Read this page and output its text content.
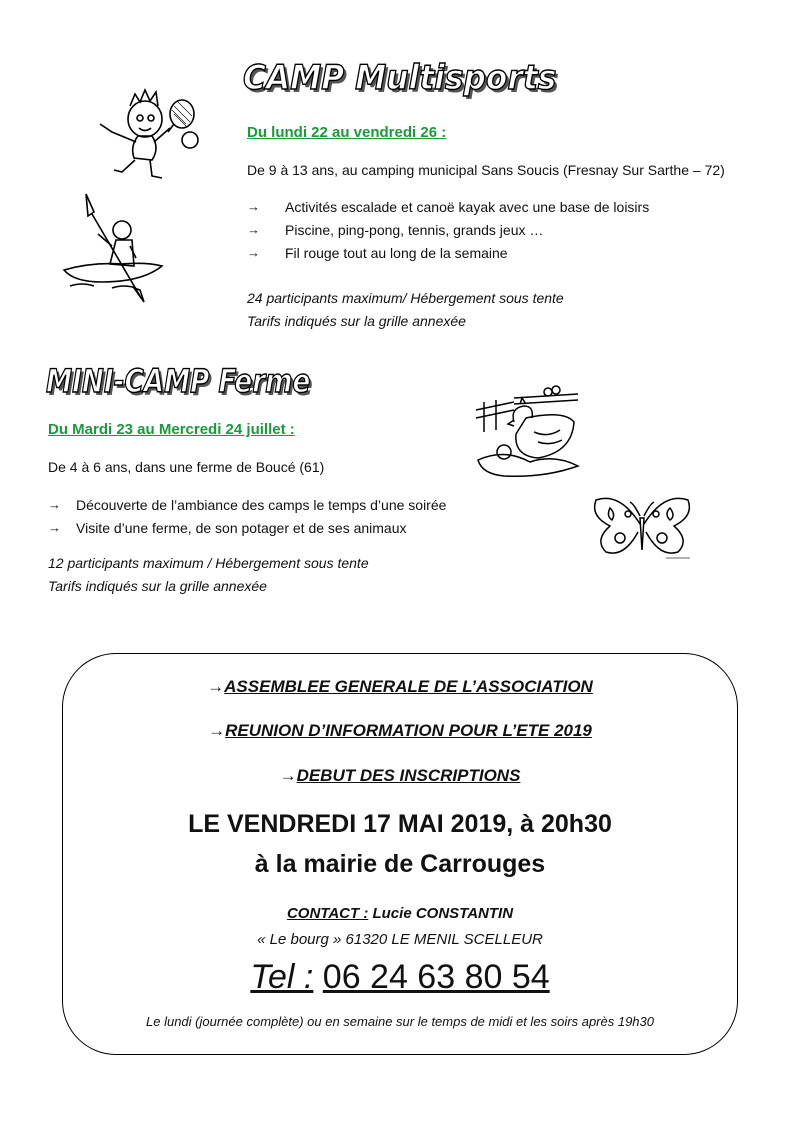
CAMP Multisports
Du lundi 22 au vendredi 26 :
De 9 à 13 ans, au camping municipal Sans Soucis (Fresnay Sur Sarthe – 72)
→	Activités escalade et canoë kayak avec une base de loisirs
→	Piscine, ping-pong, tennis, grands jeux …
→	Fil rouge tout au long de la semaine
24 participants maximum/ Hébergement sous tente
Tarifs indiqués sur la grille annexée
MINI-CAMP Ferme
Du Mardi 23 au Mercredi 24 juillet :
De 4 à 6 ans, dans une ferme de Boucé (61)
→	Découverte de l’ambiance des camps le temps d’une soirée
→	Visite d’une ferme, de son potager et de ses animaux
12 participants maximum / Hébergement sous tente
Tarifs indiqués sur la grille annexée
→ASSEMBLEE GENERALE DE L’ASSOCIATION
→REUNION D’INFORMATION POUR L’ETE 2019
→DEBUT DES INSCRIPTIONS
LE VENDREDI 17 MAI 2019, à 20h30
à la mairie de Carrouges
CONTACT : Lucie CONSTANTIN
« Le bourg » 61320 LE MENIL SCELLEUR
Tel : 06 24 63 80 54
Le lundi (journée complète) ou en semaine sur le temps de midi et les soirs après 19h30
